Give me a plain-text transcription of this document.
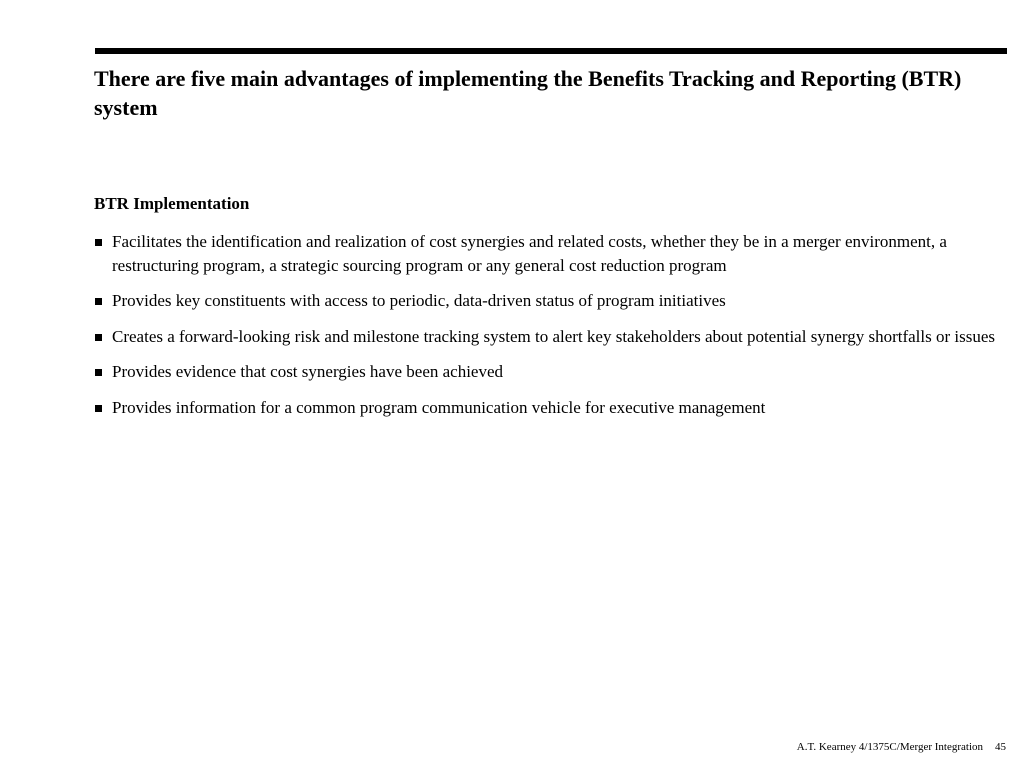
There are five main advantages of implementing the Benefits Tracking and Reporting (BTR) system
BTR Implementation
Facilitates the identification and realization of cost synergies and related costs, whether they be in a merger environment, a restructuring program, a strategic sourcing program or any general cost reduction program
Provides key constituents with access to periodic, data-driven status of program initiatives
Creates a forward-looking risk and milestone tracking system to alert key stakeholders about potential synergy shortfalls or issues
Provides evidence that cost synergies have been achieved
Provides information for a common program communication vehicle for executive management
A.T. Kearney 4/1375C/Merger Integration 45
